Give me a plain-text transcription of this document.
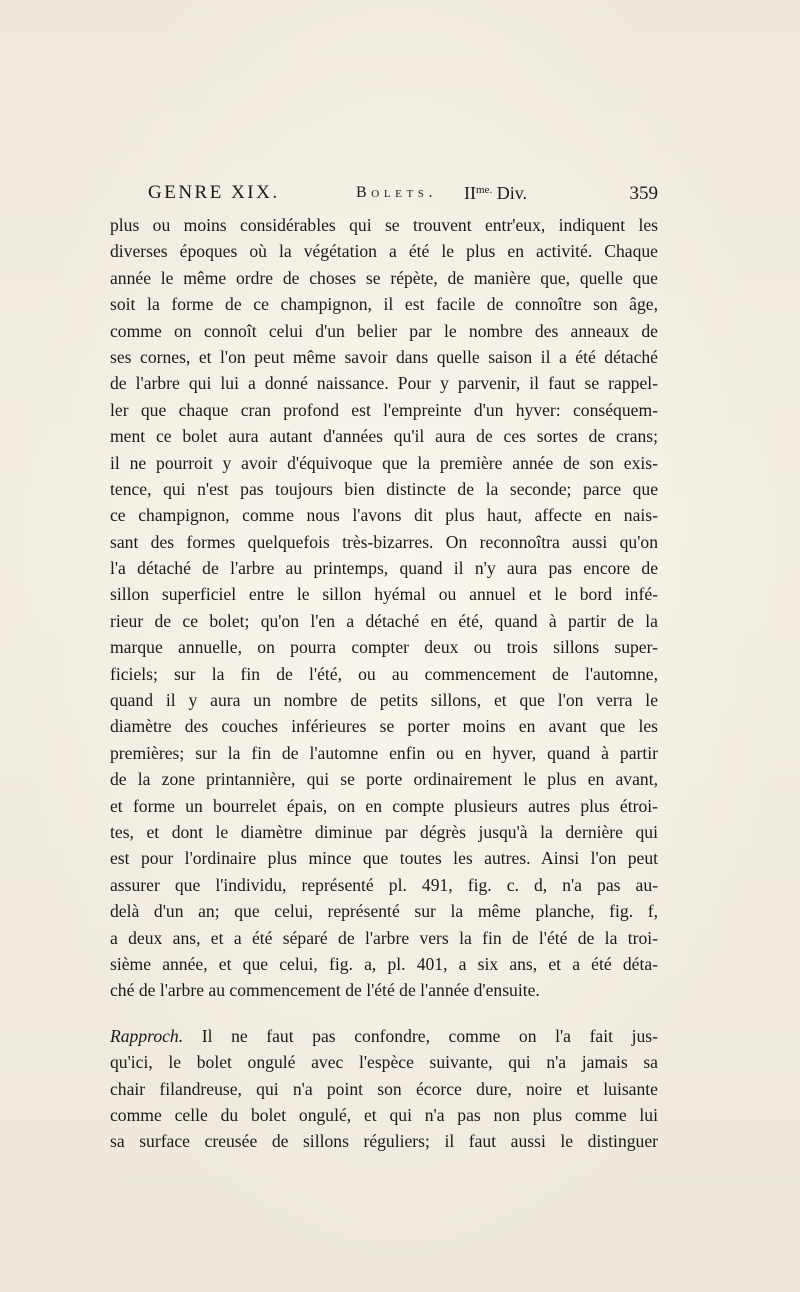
GENRE XIX.	Bolets. $II^{me.}$ Div.	359
plus ou moins considérables qui se trouvent entr'eux, indiquent les
diverses époques où la végétation a été le plus en activité. Chaque
année le même ordre de choses se répète, de manière que, quelle que
soit la forme de ce champignon, il est facile de connoître son âge,
comme on connoît celui d'un belier par le nombre des anneaux de
ses cornes, et l'on peut même savoir dans quelle saison il a été détaché
de l'arbre qui lui a donné naissance. Pour y parvenir, il faut se rappel-
ler que chaque cran profond est l'empreinte d'un hyver: conséquem-
ment ce bolet aura autant d'années qu'il aura de ces sortes de crans;
il ne pourroit y avoir d'équivoque que la première année de son exis-
tence, qui n'est pas toujours bien distincte de la seconde; parce que
ce champignon, comme nous l'avons dit plus haut, affecte en nais-
sant des formes quelquefois très-bizarres. On reconnoîtra aussi qu'on
l'a détaché de l'arbre au printemps, quand il n'y aura pas encore de
sillon superficiel entre le sillon hyémal ou annuel et le bord infé-
rieur de ce bolet; qu'on l'en a détaché en été, quand à partir de la
marque annuelle, on pourra compter deux ou trois sillons super-
ficiels; sur la fin de l'été, ou au commencement de l'automne,
quand il y aura un nombre de petits sillons, et que l'on verra le
diamètre des couches inférieures se porter moins en avant que les
premières; sur la fin de l'automne enfin ou en hyver, quand à partir
de la zone printannière, qui se porte ordinairement le plus en avant,
et forme un bourrelet épais, on en compte plusieurs autres plus étroi-
tes, et dont le diamètre diminue par dégrès jusqu'à la dernière qui
est pour l'ordinaire plus mince que toutes les autres. Ainsi l'on peut
assurer que l'individu, représenté pl. 491, fig. c. d, n'a pas au-
delà d'un an; que celui, représenté sur la même planche, fig. f,
a deux ans, et a été séparé de l'arbre vers la fin de l'été de la troi-
sième année, et que celui, fig. a, pl. 401, a six ans, et a été déta-
ché de l'arbre au commencement de l'été de l'année d'ensuite.
Rapproch. Il ne faut pas confondre, comme on l'a fait jus-
qu'ici, le bolet ongulé avec l'espèce suivante, qui n'a jamais sa
chair filandreuse, qui n'a point son écorce dure, noire et luisante
comme celle du bolet ongulé, et qui n'a pas non plus comme lui
sa surface creusée de sillons réguliers; il faut aussi le distinguer
